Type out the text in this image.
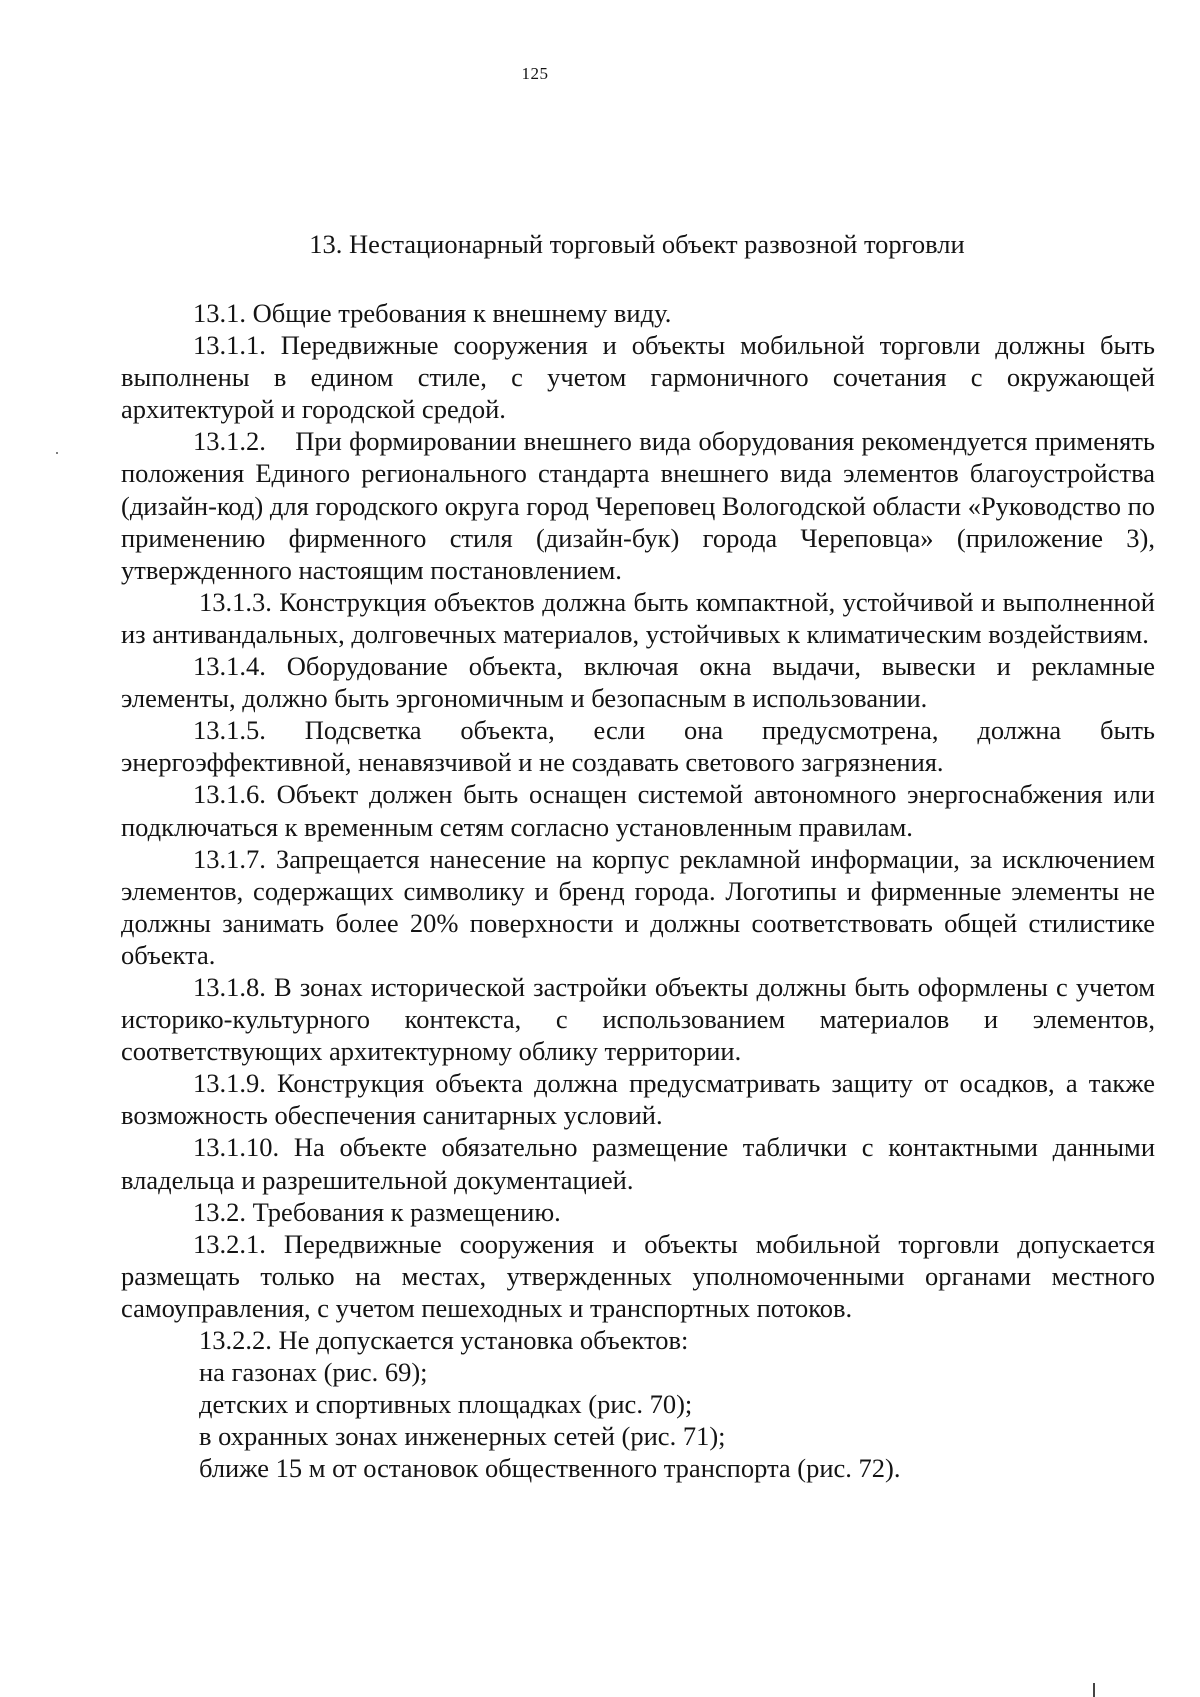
125
13. Нестационарный торговый объект развозной торговли

13.1. Общие требования к внешнему виду.

13.1.1. Передвижные сооружения и объекты мобильной торговли должны быть выполнены в едином стиле, с учетом гармоничного сочетания с окружающей архитектурой и городской средой.

13.1.2.    При формировании внешнего вида оборудования рекомендуется применять положения Единого регионального стандарта внешнего вида элементов благоустройства (дизайн-код) для городского округа город Череповец Вологодской области «Руководство по применению фирменного стиля (дизайн-бук) города Череповца» (приложение 3), утвержденного настоящим постановлением.

13.1.3. Конструкция объектов должна быть компактной, устойчивой и выполненной из антивандальных, долговечных материалов, устойчивых к климатическим воздействиям.

13.1.4. Оборудование объекта, включая окна выдачи, вывески и рекламные элементы, должно быть эргономичным и безопасным в использовании.

13.1.5. Подсветка объекта, если она предусмотрена, должна быть энергоэффективной, ненавязчивой и не создавать светового загрязнения.

13.1.6. Объект должен быть оснащен системой автономного энергоснабжения или подключаться к временным сетям согласно установленным правилам.

13.1.7. Запрещается нанесение на корпус рекламной информации, за исключением элементов, содержащих символику и бренд города. Логотипы и фирменные элементы не должны занимать более 20% поверхности и должны соответствовать общей стилистике объекта.

13.1.8. В зонах исторической застройки объекты должны быть оформлены с учетом историко-культурного контекста, с использованием материалов и элементов, соответствующих архитектурному облику территории.

13.1.9. Конструкция объекта должна предусматривать защиту от осадков, а также возможность обеспечения санитарных условий.

13.1.10. На объекте обязательно размещение таблички с контактными данными владельца и разрешительной документацией.

13.2. Требования к размещению.

13.2.1. Передвижные сооружения и объекты мобильной торговли допускается размещать только на местах, утвержденных уполномоченными органами местного самоуправления, с учетом пешеходных и транспортных потоков.

13.2.2. Не допускается установка объектов:

на газонах (рис. 69);

детских и спортивных площадках (рис. 70);

в охранных зонах инженерных сетей (рис. 71);

ближе 15 м от остановок общественного транспорта (рис. 72).
